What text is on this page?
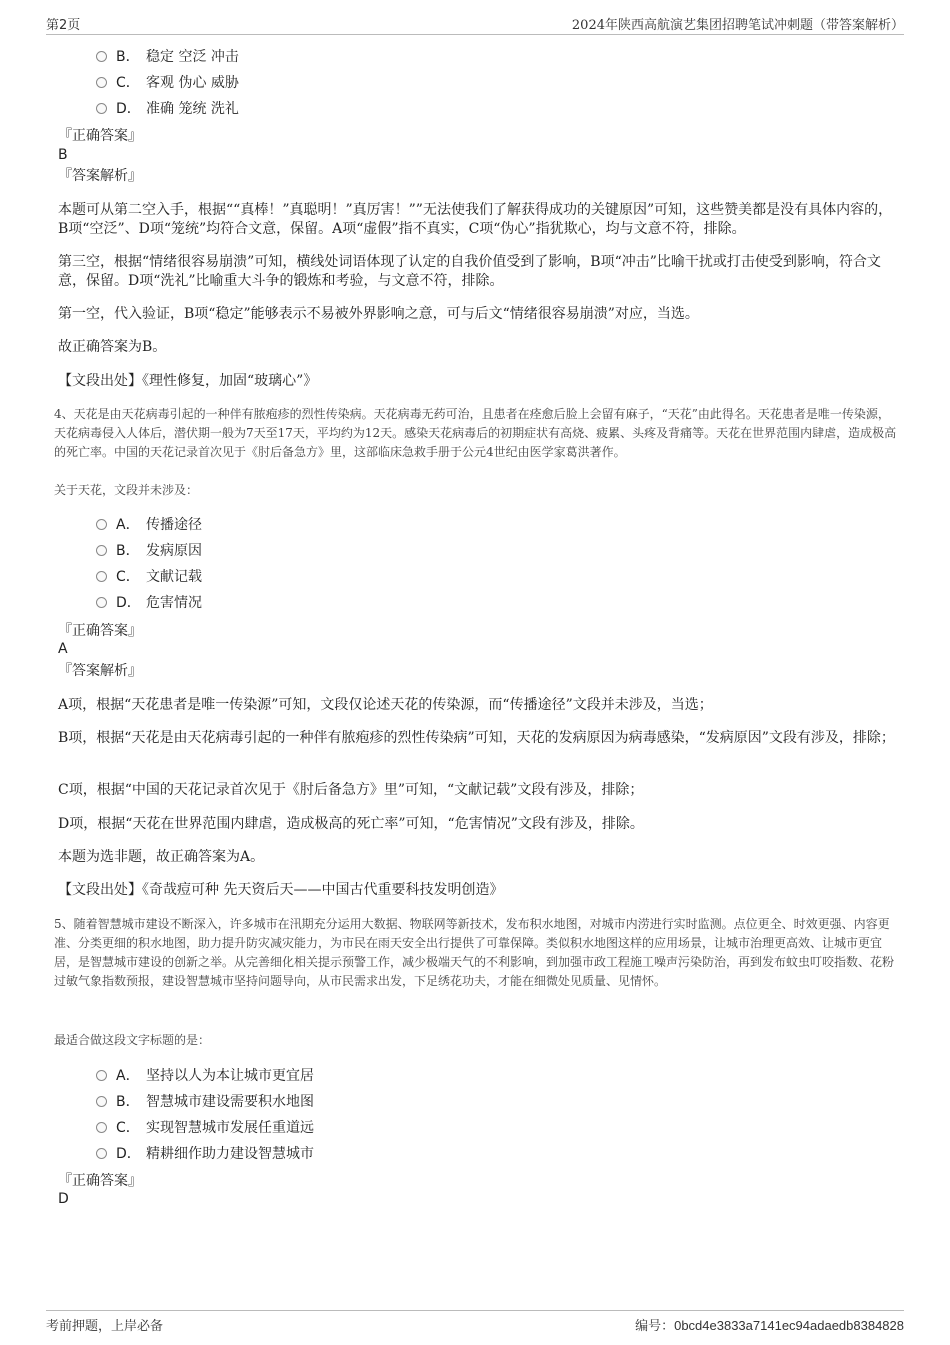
第2页	2024年陕西高航演艺集团招聘笔试冲刺题（带答案解析）
B． 稳定 空泛 冲击
C． 客观 伪心 威胁
D． 准确 笼统 洗礼
『正确答案』
B
『答案解析』
本题可从第二空入手，根据““真棒！”真聪明！”真厉害！””无法使我们了解获得成功的关键原因”可知，这些赞美都是没有具体内容的，B项“空泛”、D项“笼统”均符合文意，保留。A项“虚假”指不真实，C项“伪心”指犹欺心，均与文意不符，排除。
第三空，根据“情绪很容易崩溃”可知，横线处词语体现了认定的自我价值受到了影响，B项“冲击”比喻干扰或打击使受到影响，符合文意，保留。D项“洗礼”比喻重大斗争的锻炼和考验，与文意不符，排除。
第一空，代入验证，B项“稳定”能够表示不易被外界影响之意，可与后文“情绪很容易崩溃”对应，当选。
故正确答案为B。
【文段出处】《理性修复，加固“玻璃心”》
4、天花是由天花病毒引起的一种伴有脓疱疹的烈性传染病。天花病毒无药可治，且患者在痊愈后脸上会留有麻子，“天花”由此得名。天花患者是唯一传染源，天花病毒侵入人体后，潜伏期一般为7天至17天，平均约为12天。感染天花病毒后的初期症状有高烧、疲累、头疼及背痛等。天花在世界范围内肆虐，造成极高的死亡率。中国的天花记录首次见于《肘后备急方》里，这部临床急救手册于公元4世纪由医学家葛洪著作。
关于天花，文段并未涉及：
A． 传播途径
B． 发病原因
C． 文献记载
D． 危害情况
『正确答案』
A
『答案解析』
A项，根据“天花患者是唯一传染源”可知，文段仅论述天花的传染源，而“传播途径”文段并未涉及，当选；
B项，根据“天花是由天花病毒引起的一种伴有脓疱疹的烈性传染病”可知，天花的发病原因为病毒感染，“发病原因”文段有涉及，排除；
C项，根据“中国的天花记录首次见于《肘后备急方》里”可知，“文献记载”文段有涉及，排除；
D项，根据“天花在世界范围内肆虐，造成极高的死亡率”可知，“危害情况”文段有涉及，排除。
本题为选非题，故正确答案为A。
【文段出处】《奇哉痘可种 先天资后天——中国古代重要科技发明创造》
5、随着智慧城市建设不断深入，许多城市在汛期充分运用大数据、物联网等新技术，发布积水地图，对城市内涝进行实时监测。点位更全、时效更强、内容更准、分类更细的积水地图，助力提升防灾减灾能力，为市民在雨天安全出行提供了可靠保障。类似积水地图这样的应用场景，让城市治理更高效、让城市更宜居，是智慧城市建设的创新之举。从完善细化相关提示预警工作，减少极端天气的不利影响，到加强市政工程施工噪声污染防治，再到发布蚊虫叮咬指数、花粉过敏气象指数预报，建设智慧城市坚持问题导向，从市民需求出发，下足绣花功夫，才能在细微处见质量、见情怀。
最适合做这段文字标题的是：
A． 坚持以人为本让城市更宜居
B． 智慧城市建设需要积水地图
C． 实现智慧城市发展任重道远
D． 精耕细作助力建设智慧城市
『正确答案』
D
考前押题，上岸必备	编号：0bcd4e3833a7141ec94adaedb8384828
